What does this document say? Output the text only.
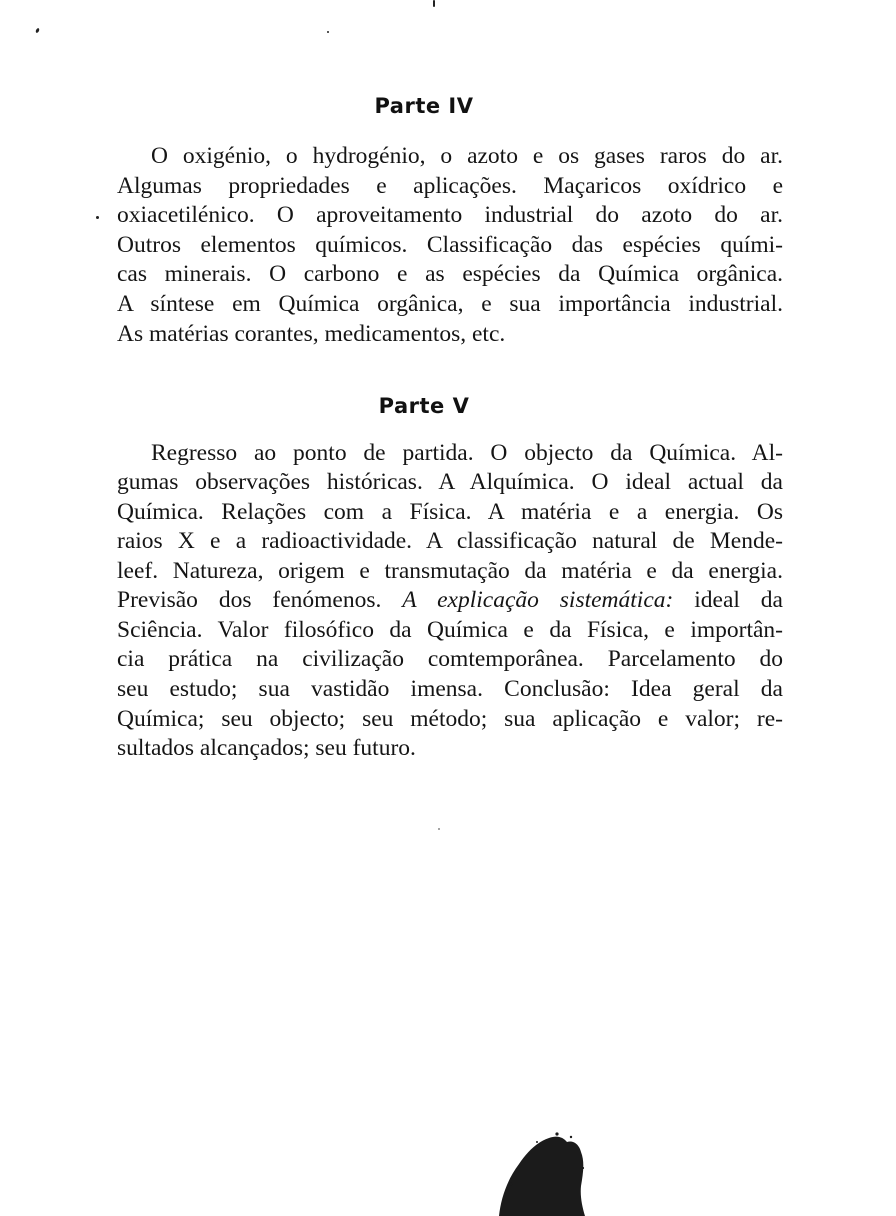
Parte IV
O oxigénio, o hydrogénio, o azoto e os gases raros do ar.
Algumas propriedades e aplicações. Maçaricos oxídrico e
oxiacetilénico. O aproveitamento industrial do azoto do ar.
Outros elementos químicos. Classificação das espécies quími-
cas minerais. O carbono e as espécies da Química orgânica.
A síntese em Química orgânica, e sua importância industrial.
As matérias corantes, medicamentos, etc.
Parte V
Regresso ao ponto de partida. O objecto da Química. Al-
gumas observações históricas. A Alquímica. O ideal actual da
Química. Relações com a Física. A matéria e a energia. Os
raios X e a radioactividade. A classificação natural de Mende-
leef. Natureza, origem e transmutação da matéria e da energia.
Previsão dos fenómenos. A explicação sistemática: ideal da
Sciência. Valor filosófico da Química e da Física, e importân-
cia prática na civilização comtemporânea. Parcelamento do
seu estudo; sua vastidão imensa. Conclusão: Idea geral da
Química; seu objecto; seu método; sua aplicação e valor; re-
sultados alcançados; seu futuro.
